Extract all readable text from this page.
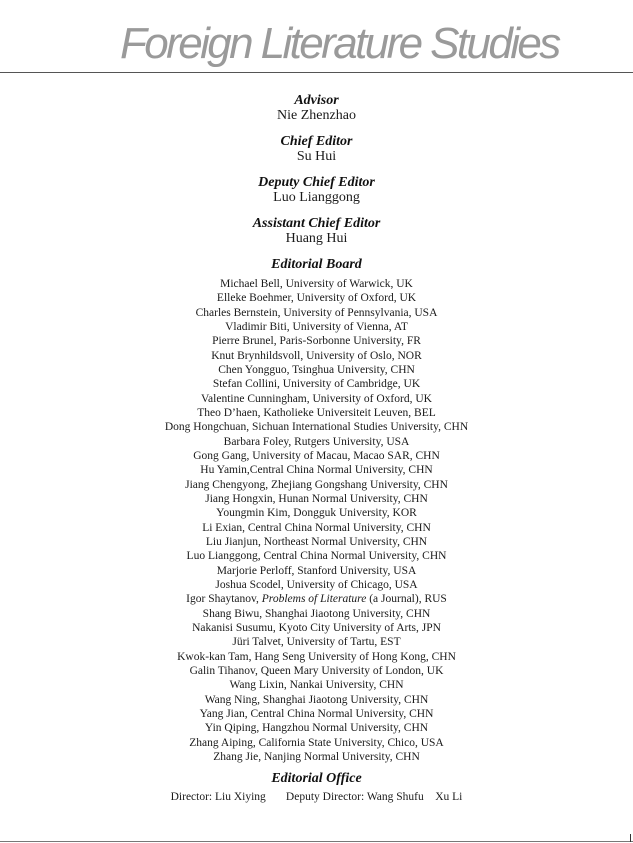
Foreign Literature Studies
Advisor
Nie Zhenzhao
Chief Editor
Su Hui
Deputy Chief Editor
Luo Lianggong
Assistant Chief Editor
Huang Hui
Editorial Board
Michael Bell, University of Warwick, UK
Elleke Boehmer, University of Oxford, UK
Charles Bernstein, University of Pennsylvania, USA
Vladimir Biti, University of Vienna, AT
Pierre Brunel, Paris-Sorbonne University, FR
Knut Brynhildsvoll, University of Oslo, NOR
Chen Yongguo, Tsinghua University, CHN
Stefan Collini, University of Cambridge, UK
Valentine Cunningham, University of Oxford, UK
Theo D’haen, Katholieke Universiteit Leuven, BEL
Dong Hongchuan, Sichuan International Studies University, CHN
Barbara Foley, Rutgers University, USA
Gong Gang, University of Macau, Macao SAR, CHN
Hu Yamin,Central China Normal University, CHN
Jiang Chengyong, Zhejiang Gongshang University, CHN
Jiang Hongxin, Hunan Normal University, CHN
Youngmin Kim, Dongguk University, KOR
Li Exian, Central China Normal University, CHN
Liu Jianjun, Northeast Normal University, CHN
Luo Lianggong, Central China Normal University, CHN
Marjorie Perloff, Stanford University, USA
Joshua Scodel, University of Chicago, USA
Igor Shaytanov, Problems of Literature (a Journal), RUS
Shang Biwu, Shanghai Jiaotong University, CHN
Nakanisi Susumu, Kyoto City University of Arts, JPN
Jüri Talvet, University of Tartu, EST
Kwok-kan Tam, Hang Seng University of Hong Kong, CHN
Galin Tihanov, Queen Mary University of London, UK
Wang Lixin, Nankai University, CHN
Wang Ning, Shanghai Jiaotong University, CHN
Yang Jian, Central China Normal University, CHN
Yin Qiping, Hangzhou Normal University, CHN
Zhang Aiping, California State University, Chico, USA
Zhang Jie, Nanjing Normal University, CHN
Editorial Office
Director: Liu Xiying Deputy Director: Wang Shufu Xu Li
